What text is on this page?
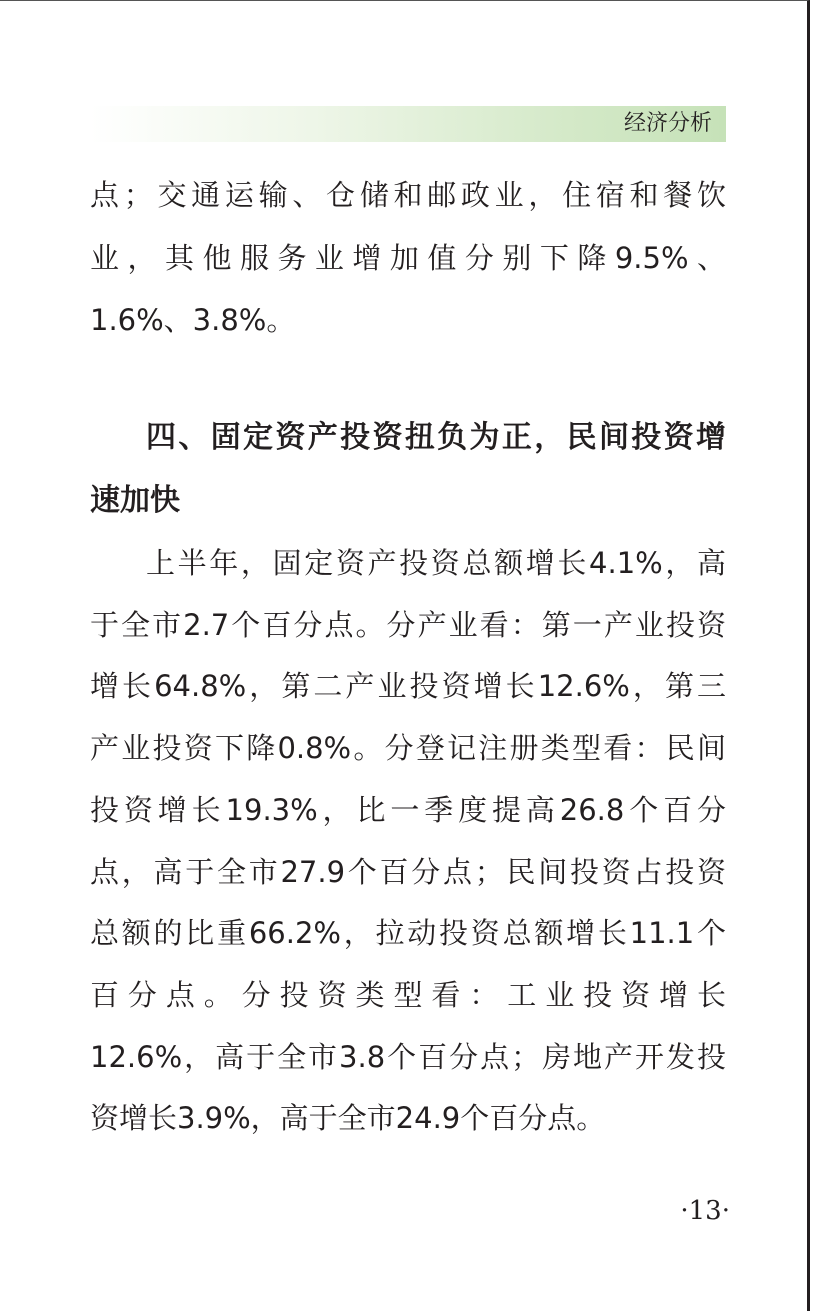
经济分析
点；交通运输、仓储和邮政业，住宿和餐饮
业，其他服务业增加值分别下降9.5%、
1.6%、3.8%。
四、固定资产投资扭负为正，民间投资增
速加快
上半年，固定资产投资总额增长4.1%，高
于全市2.7个百分点。分产业看：第一产业投资
增长64.8%，第二产业投资增长12.6%，第三
产业投资下降0.8%。分登记注册类型看：民间
投资增长19.3%，比一季度提高26.8个百分
点，高于全市27.9个百分点；民间投资占投资
总额的比重66.2%，拉动投资总额增长11.1个
百分点。分投资类型看：工业投资增长
12.6%，高于全市3.8个百分点；房地产开发投
资增长3.9%，高于全市24.9个百分点。
·13·
